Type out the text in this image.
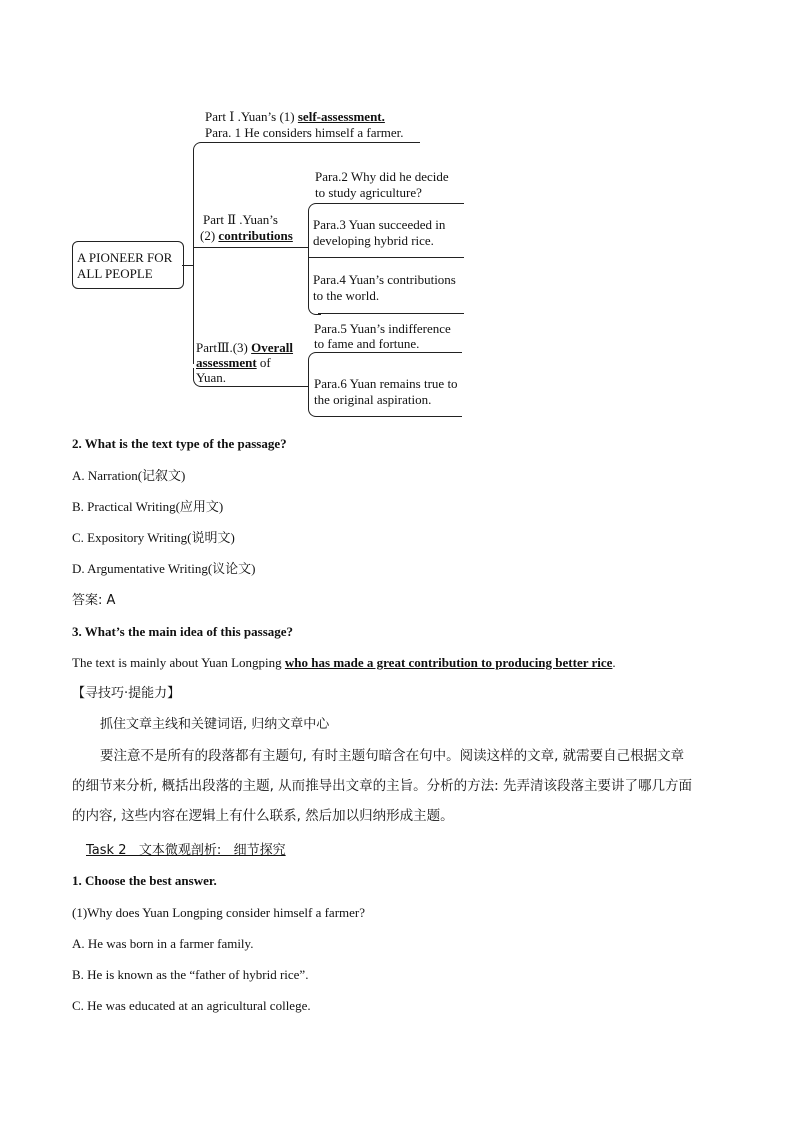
A PIONEER FOR
ALL PEOPLE
Part Ⅰ .Yuan’s (1) self-assessment.
Para. 1 He considers himself a farmer.
Part Ⅱ .Yuan’s
(2) contributions
Para.2 Why did he decide
to study agriculture?
Para.3 Yuan succeeded in
developing hybrid rice.
Para.4 Yuan’s contributions
to the world.
PartⅢ.(3) Overall
assessment of
Yuan.
Para.5 Yuan’s indifference
to fame and fortune.
Para.6 Yuan remains true to
the original aspiration.
2. What is the text type of the passage?
A. Narration(记叙文)
B. Practical Writing(应用文)
C. Expository Writing(说明文)
D. Argumentative Writing(议论文)
答案: A
3. What’s the main idea of this passage?
The text is mainly about Yuan Longping who has made a great contribution to producing better rice.
【寻技巧·提能力】
抓住文章主线和关键词语, 归纳文章中心
要注意不是所有的段落都有主题句, 有时主题句暗含在句中。阅读这样的文章, 就需要自己根据文章
的细节来分析, 概括出段落的主题, 从而推导出文章的主旨。分析的方法: 先弄清该段落主要讲了哪几方面
的内容, 这些内容在逻辑上有什么联系, 然后加以归纳形成主题。
Task 2   文本微观剖析:   细节探究
1. Choose the best answer.
(1)Why does Yuan Longping consider himself a farmer?
A. He was born in a farmer family.
B. He is known as the “father of hybrid rice”.
C. He was educated at an agricultural college.
